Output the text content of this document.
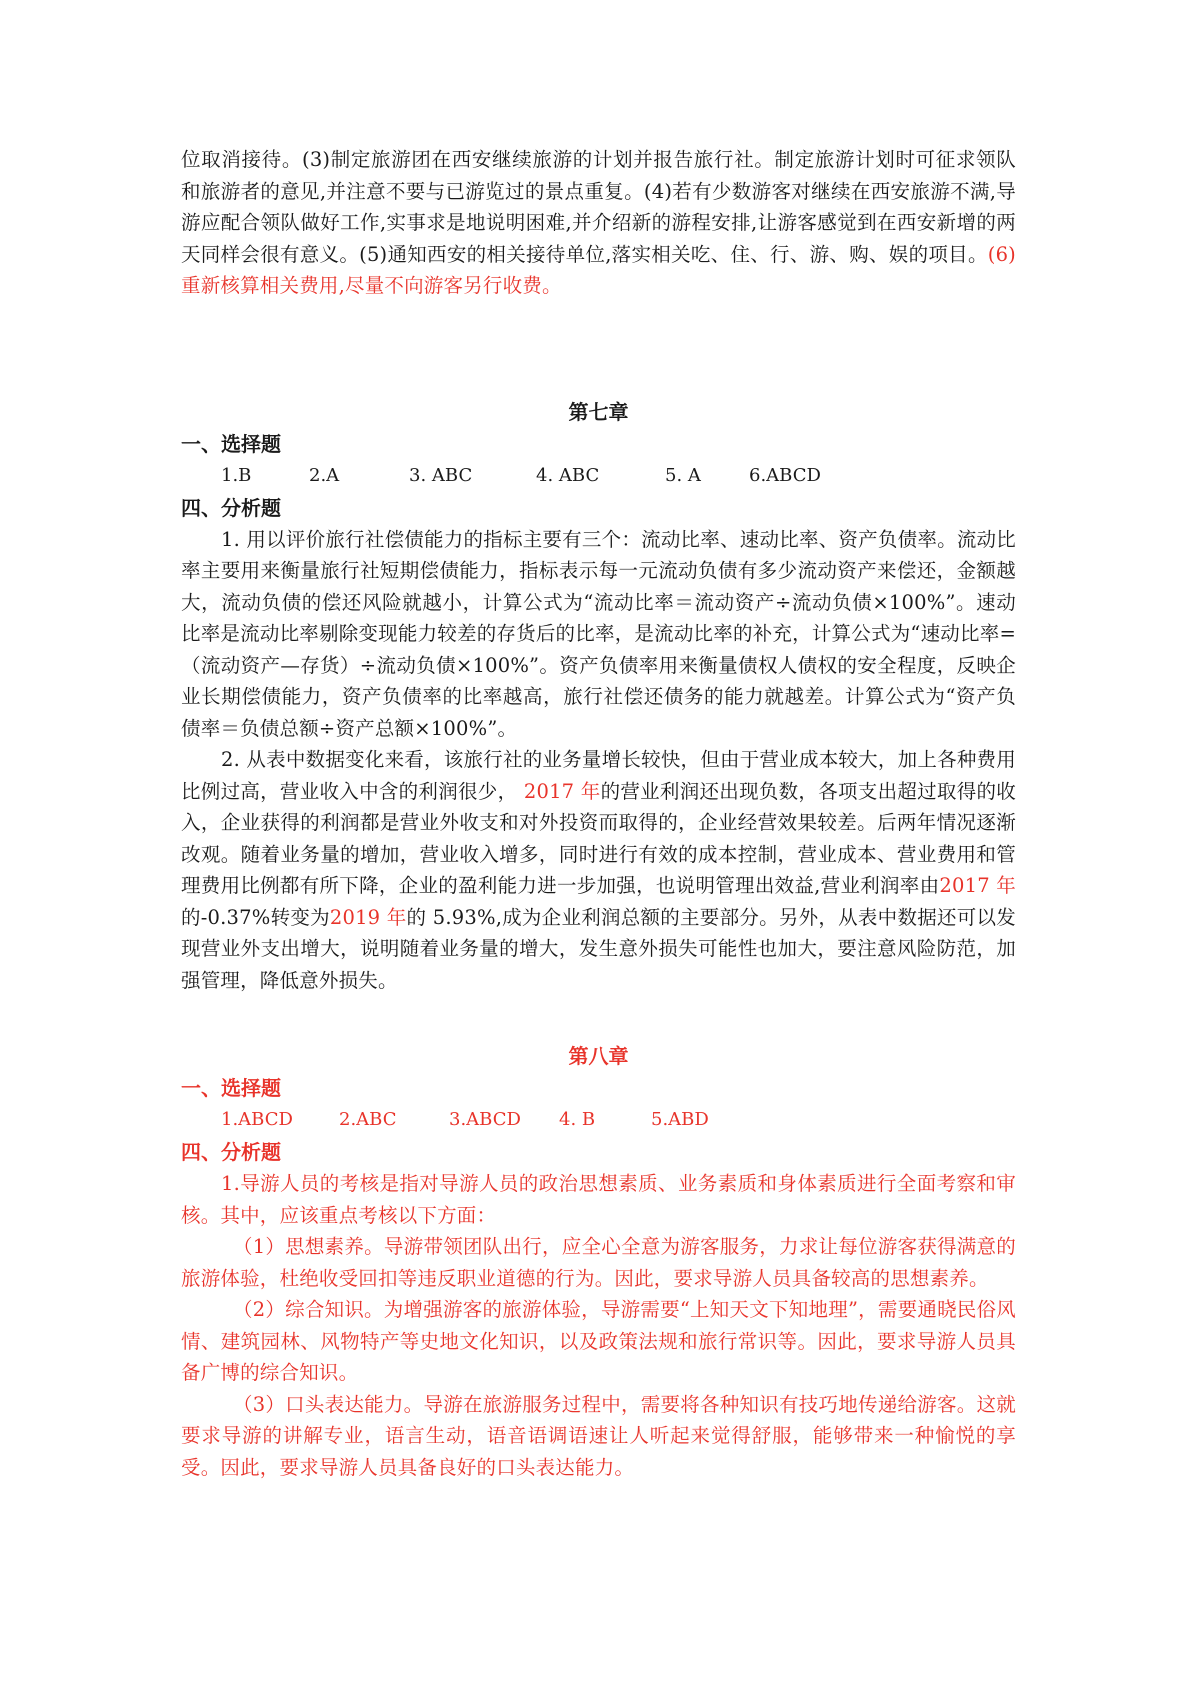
位取消接待。(3)制定旅游团在西安继续旅游的计划并报告旅行社。制定旅游计划时可征求领队和旅游者的意见,并注意不要与已游览过的景点重复。(4)若有少数游客对继续在西安旅游不满,导游应配合领队做好工作,实事求是地说明困难,并介绍新的游程安排,让游客感觉到在西安新增的两天同样会很有意义。(5)通知西安的相关接待单位,落实相关吃、住、行、游、购、娱的项目。(6)重新核算相关费用,尽量不向游客另行收费。

第七章
一、选择题
1.B	2.A	3. ABC	4. ABC	5. A	6.ABCD
四、分析题

1. 用以评价旅行社偿债能力的指标主要有三个：流动比率、速动比率、资产负债率。流动比率主要用来衡量旅行社短期偿债能力，指标表示每一元流动负债有多少流动资产来偿还，金额越大，流动负债的偿还风险就越小，计算公式为“流动比率＝流动资产÷流动负债×100%”。速动比率是流动比率剔除变现能力较差的存货后的比率，是流动比率的补充，计算公式为“速动比率=（流动资产—存货）÷流动负债×100%”。资产负债率用来衡量债权人债权的安全程度，反映企业长期偿债能力，资产负债率的比率越高，旅行社偿还债务的能力就越差。计算公式为“资产负债率＝负债总额÷资产总额×100%”。

2. 从表中数据变化来看，该旅行社的业务量增长较快，但由于营业成本较大，加上各种费用比例过高，营业收入中含的利润很少， 2017 年的营业利润还出现负数，各项支出超过取得的收入，企业获得的利润都是营业外收支和对外投资而取得的，企业经营效果较差。后两年情况逐渐改观。随着业务量的增加，营业收入增多，同时进行有效的成本控制，营业成本、营业费用和管理费用比例都有所下降，企业的盈利能力进一步加强，也说明管理出效益,营业利润率由2017 年的-0.37%转变为2019 年的 5.93%,成为企业利润总额的主要部分。另外，从表中数据还可以发现营业外支出增大，说明随着业务量的增大，发生意外损失可能性也加大，要注意风险防范，加强管理，降低意外损失。

第八章
一、选择题
1.ABCD	2.ABC	3.ABCD	4. B	5.ABD
四、分析题

1.导游人员的考核是指对导游人员的政治思想素质、业务素质和身体素质进行全面考察和审核。其中，应该重点考核以下方面：

（1）思想素养。导游带领团队出行，应全心全意为游客服务，力求让每位游客获得满意的旅游体验，杜绝收受回扣等违反职业道德的行为。因此，要求导游人员具备较高的思想素养。

（2）综合知识。为增强游客的旅游体验，导游需要“上知天文下知地理”，需要通晓民俗风情、建筑园林、风物特产等史地文化知识，以及政策法规和旅行常识等。因此，要求导游人员具备广博的综合知识。

（3）口头表达能力。导游在旅游服务过程中，需要将各种知识有技巧地传递给游客。这就要求导游的讲解专业，语言生动，语音语调语速让人听起来觉得舒服，能够带来一种愉悦的享受。因此，要求导游人员具备良好的口头表达能力。
